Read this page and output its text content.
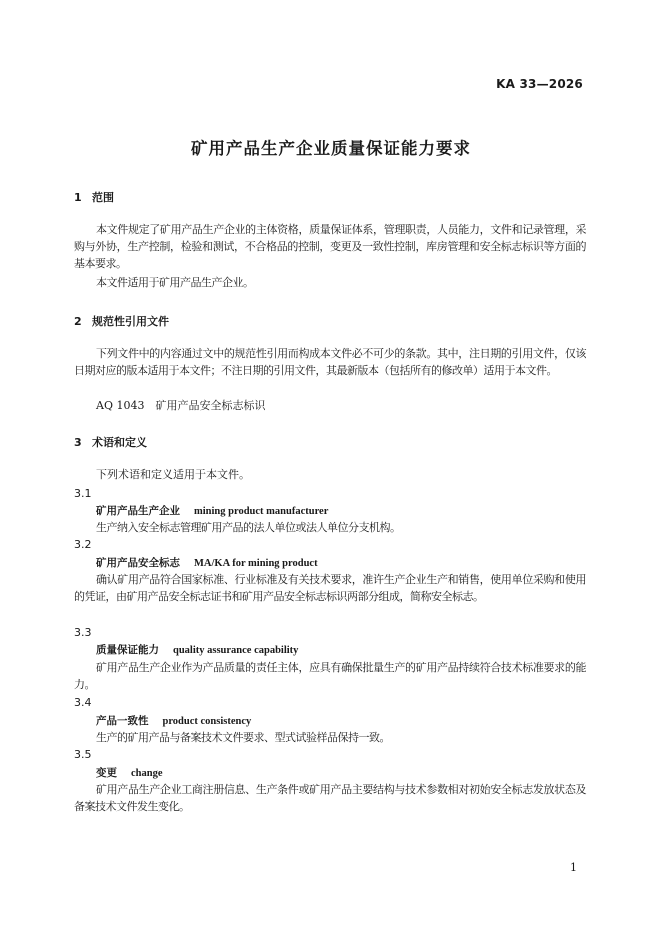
KA 33—2026
矿用产品生产企业质量保证能力要求
1 范围
本文件规定了矿用产品生产企业的主体资格，质量保证体系，管理职责，人员能力，文件和记录管理，采购与外协，生产控制，检验和测试，不合格品的控制，变更及一致性控制，库房管理和安全标志标识等方面的基本要求。
本文件适用于矿用产品生产企业。
2 规范性引用文件
下列文件中的内容通过文中的规范性引用而构成本文件必不可少的条款。其中，注日期的引用文件，仅该日期对应的版本适用于本文件；不注日期的引用文件，其最新版本（包括所有的修改单）适用于本文件。
AQ 1043　矿用产品安全标志标识
3 术语和定义
下列术语和定义适用于本文件。
3.1
矿用产品生产企业 mining product manufacturer
生产纳入安全标志管理矿用产品的法人单位或法人单位分支机构。
3.2
矿用产品安全标志 MA/KA for mining product
确认矿用产品符合国家标准、行业标准及有关技术要求，准许生产企业生产和销售，使用单位采购和使用的凭证，由矿用产品安全标志证书和矿用产品安全标志标识两部分组成，简称安全标志。
3.3
质量保证能力 quality assurance capability
矿用产品生产企业作为产品质量的责任主体，应具有确保批量生产的矿用产品持续符合技术标准要求的能力。
3.4
产品一致性 product consistency
生产的矿用产品与备案技术文件要求、型式试验样品保持一致。
3.5
变更 change
矿用产品生产企业工商注册信息、生产条件或矿用产品主要结构与技术参数相对初始安全标志发放状态及备案技术文件发生变化。
1
